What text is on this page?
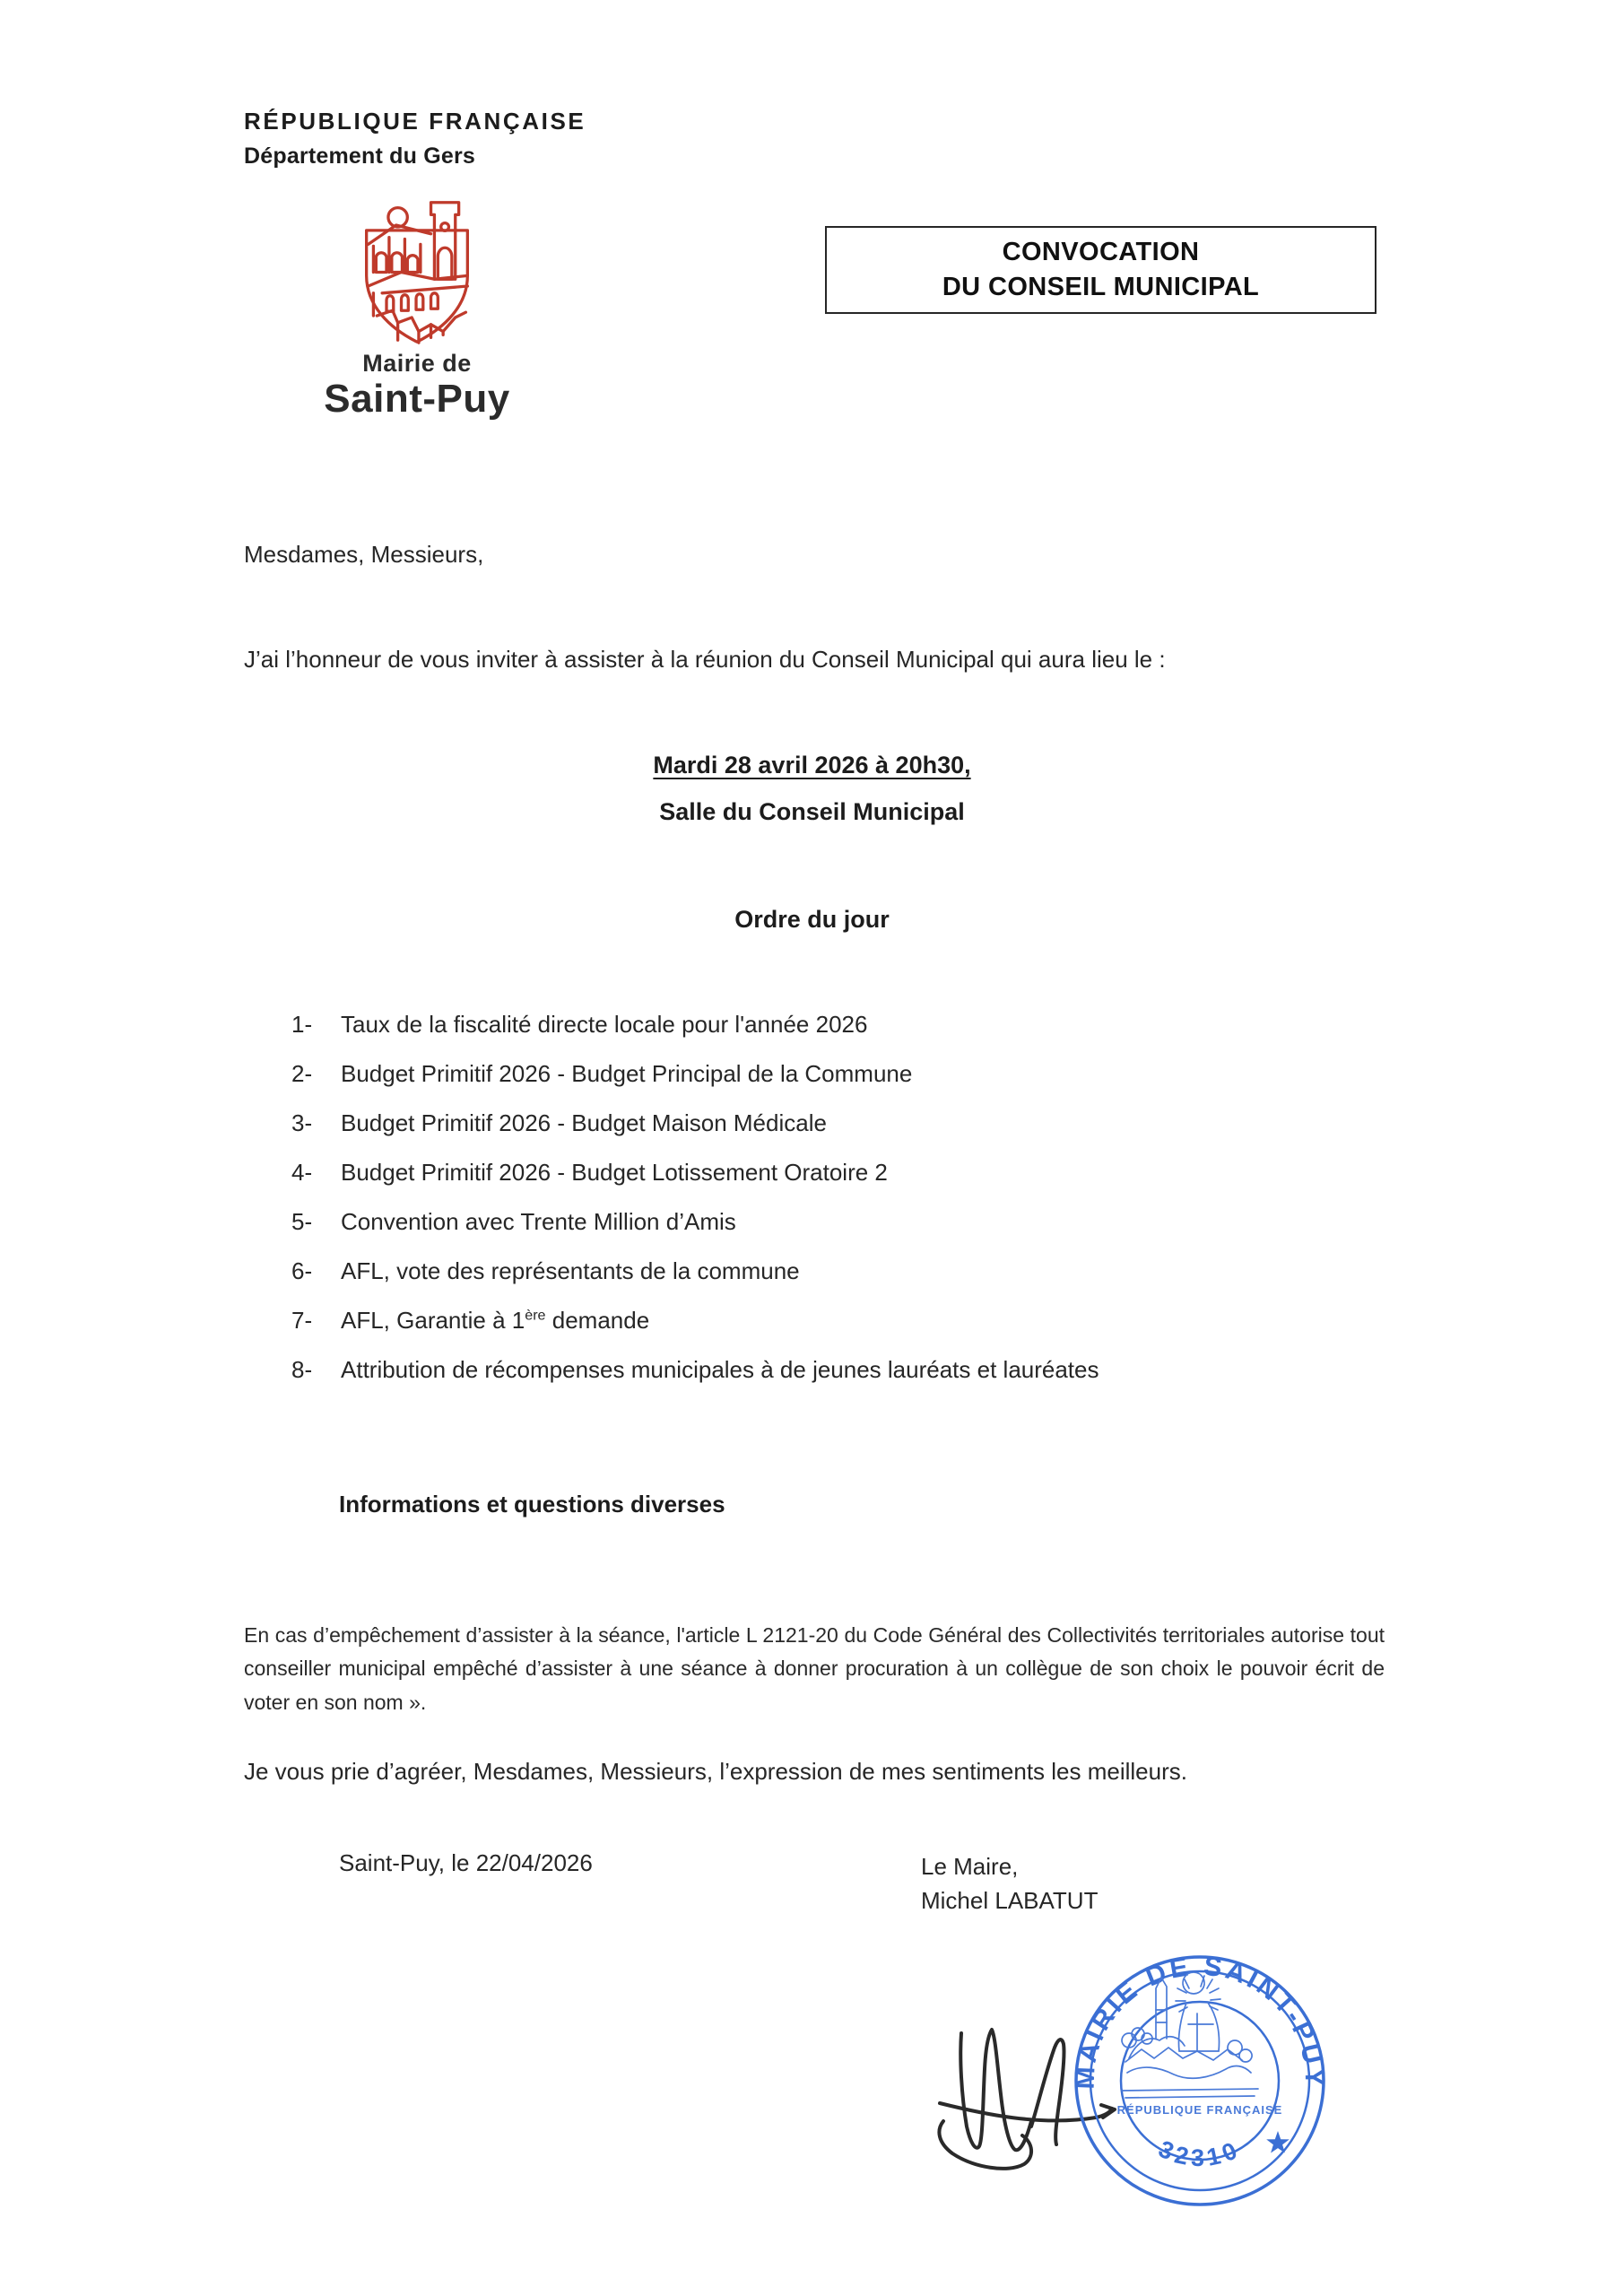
RÉPUBLIQUE FRANÇAISE
Département du Gers
Mairie de
Saint-Puy
CONVOCATION
DU CONSEIL MUNICIPAL
Mesdames, Messieurs,
J’ai l’honneur de vous inviter à assister à la réunion du Conseil Municipal qui aura lieu le :
Mardi 28 avril 2026 à 20h30,
Salle du Conseil Municipal
Ordre du jour
1-	Taux de la fiscalité directe locale pour l'année 2026
2-	Budget Primitif 2026 - Budget Principal de la Commune
3-	Budget Primitif 2026 - Budget Maison Médicale
4-	Budget Primitif 2026 - Budget Lotissement Oratoire 2
5-	Convention avec Trente Million d’Amis
6-	AFL, vote des représentants de la commune
7-	AFL, Garantie à 1ère demande
8-	Attribution de récompenses municipales à de jeunes lauréats et lauréates
Informations et questions diverses
En cas d’empêchement d’assister à la séance, l'article L 2121-20 du Code Général des Collectivités territoriales autorise tout conseiller municipal empêché d’assister à une séance à donner procuration à un collègue de son choix le pouvoir écrit de voter en son nom ».
Je vous prie d’agréer, Mesdames, Messieurs, l’expression de mes sentiments les meilleurs.
Saint-Puy, le 22/04/2026	Le Maire,
Michel LABATUT
MAIRIE DE SAINT-PUY
32310
RÉPUBLIQUE FRANÇAISE
